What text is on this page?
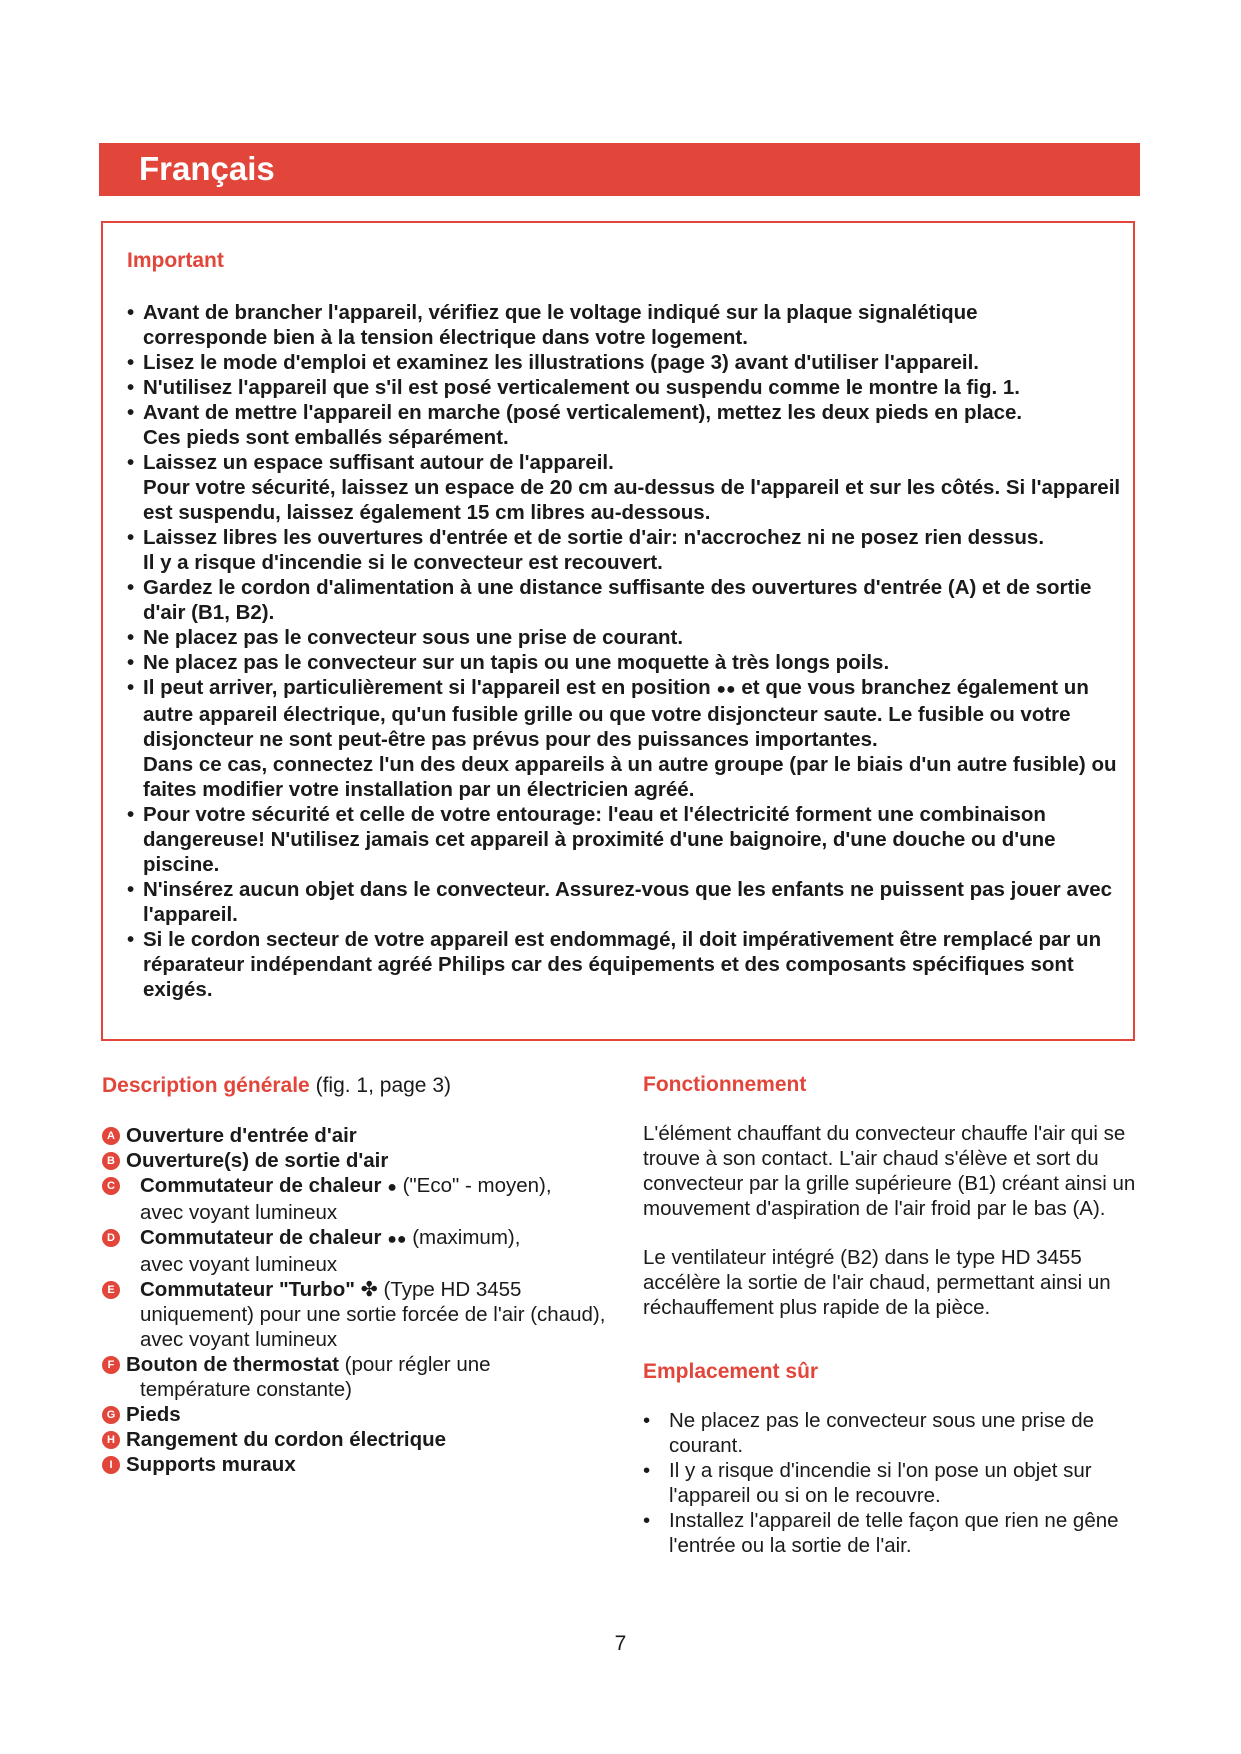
Français
Important
• Avant de brancher l'appareil, vérifiez que le voltage indiqué sur la plaque signalétique
corresponde bien à la tension électrique dans votre logement.
• Lisez le mode d'emploi et examinez les illustrations (page 3) avant d'utiliser l'appareil.
• N'utilisez l'appareil que s'il est posé verticalement ou suspendu comme le montre la fig. 1.
• Avant de mettre l'appareil en marche (posé verticalement), mettez les deux pieds en place.
Ces pieds sont emballés séparément.
• Laissez un espace suffisant autour de l'appareil.
Pour votre sécurité, laissez un espace de 20 cm au-dessus de l'appareil et sur les côtés. Si l'appareil est suspendu, laissez également 15 cm libres au-dessous.
• Laissez libres les ouvertures d'entrée et de sortie d'air: n'accrochez ni ne posez rien dessus.
Il y a risque d'incendie si le convecteur est recouvert.
• Gardez le cordon d'alimentation à une distance suffisante des ouvertures d'entrée (A) et de sortie d'air (B1, B2).
• Ne placez pas le convecteur sous une prise de courant.
• Ne placez pas le convecteur sur un tapis ou une moquette à très longs poils.
• Il peut arriver, particulièrement si l'appareil est en position ●● et que vous branchez également un autre appareil électrique, qu'un fusible grille ou que votre disjoncteur saute. Le fusible ou votre disjoncteur ne sont peut-être pas prévus pour des puissances importantes.
Dans ce cas, connectez l'un des deux appareils à un autre groupe (par le biais d'un autre fusible) ou faites modifier votre installation par un électricien agréé.
• Pour votre sécurité et celle de votre entourage: l'eau et l'électricité forment une combinaison dangereuse! N'utilisez jamais cet appareil à proximité d'une baignoire, d'une douche ou d'une piscine.
• N'insérez aucun objet dans le convecteur. Assurez-vous que les enfants ne puissent pas jouer avec l'appareil.
• Si le cordon secteur de votre appareil est endommagé, il doit impérativement être remplacé par un réparateur indépendant agréé Philips car des équipements et des composants spécifiques sont exigés.
Description générale (fig. 1, page 3)
A Ouverture d'entrée d'air
B Ouverture(s) de sortie d'air
C Commutateur de chaleur ● ("Eco" - moyen),
avec voyant lumineux
D Commutateur de chaleur ●● (maximum),
avec voyant lumineux
E Commutateur "Turbo" ✤ (Type HD 3455
uniquement) pour une sortie forcée de l'air (chaud), avec voyant lumineux
F Bouton de thermostat (pour régler une
température constante)
G Pieds
H Rangement du cordon électrique
I Supports muraux
Fonctionnement

L'élément chauffant du convecteur chauffe l'air qui se trouve à son contact. L'air chaud s'élève et sort du convecteur par la grille supérieure (B1) créant ainsi un mouvement d'aspiration de l'air froid par le bas (A).

Le ventilateur intégré (B2) dans le type HD 3455 accélère la sortie de l'air chaud, permettant ainsi un réchauffement plus rapide de la pièce.

Emplacement sûr
• Ne placez pas le convecteur sous une prise de courant.
• Il y a risque d'incendie si l'on pose un objet sur l'appareil ou si on le recouvre.
• Installez l'appareil de telle façon que rien ne gêne l'entrée ou la sortie de l'air.

7
